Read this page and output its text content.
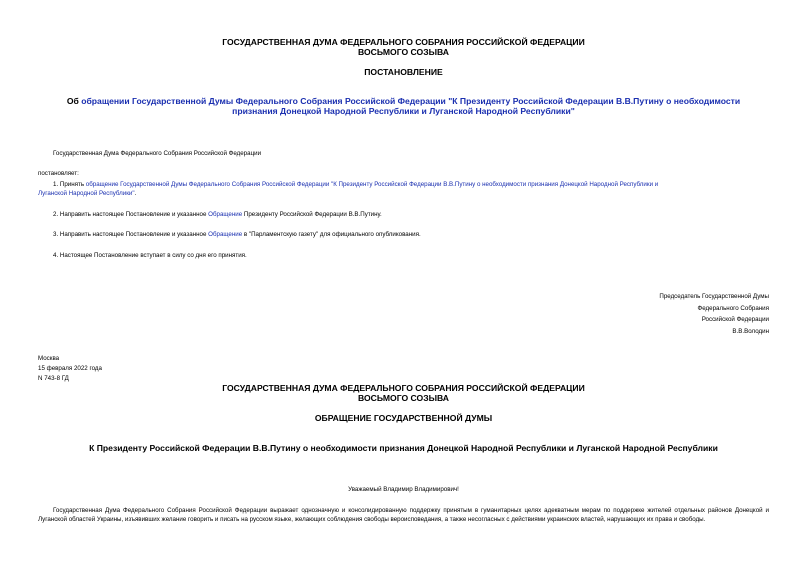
ГОСУДАРСТВЕННАЯ ДУМА ФЕДЕРАЛЬНОГО СОБРАНИЯ РОССИЙСКОЙ ФЕДЕРАЦИИ
ВОСЬМОГО СОЗЫВА
ПОСТАНОВЛЕНИЕ
Об обращении Государственной Думы Федерального Собрания Российской Федерации "К Президенту Российской Федерации В.В.Путину о необходимости
признания Донецкой Народной Республики и Луганской Народной Республики"
Государственная Дума Федерального Собрания Российской Федерации
постановляет:
1. Принять обращение Государственной Думы Федерального Собрания Российской Федерации "К Президенту Российской Федерации В.В.Путину о необходимости признания Донецкой Народной Республики и
Луганской Народной Республики".
2. Направить настоящее Постановление и указанное Обращение Президенту Российской Федерации В.В.Путину.
3. Направить настоящее Постановление и указанное Обращение в "Парламентскую газету" для официального опубликования.
4. Настоящее Постановление вступает в силу со дня его принятия.
Председатель Государственной Думы
Федерального Собрания
Российской Федерации
В.В.Володин
Москва
15 февраля 2022 года
N 743-8 ГД
ГОСУДАРСТВЕННАЯ ДУМА ФЕДЕРАЛЬНОГО СОБРАНИЯ РОССИЙСКОЙ ФЕДЕРАЦИИ
ВОСЬМОГО СОЗЫВА
ОБРАЩЕНИЕ ГОСУДАРСТВЕННОЙ ДУМЫ
К Президенту Российской Федерации В.В.Путину о необходимости признания Донецкой Народной Республики и Луганской Народной Республики
Уважаемый Владимир Владимирович!
Государственная Дума Федерального Собрания Российской Федерации выражает однозначную и консолидированную поддержку принятым в гуманитарных целях адекватным мерам по поддержке жителей отдельных районов Донецкой и Луганской областей Украины, изъявивших желание говорить и писать на русском языке, желающих соблюдения свободы вероисповедания, а также несогласных с действиями украинских властей, нарушающих их права и свободы.
